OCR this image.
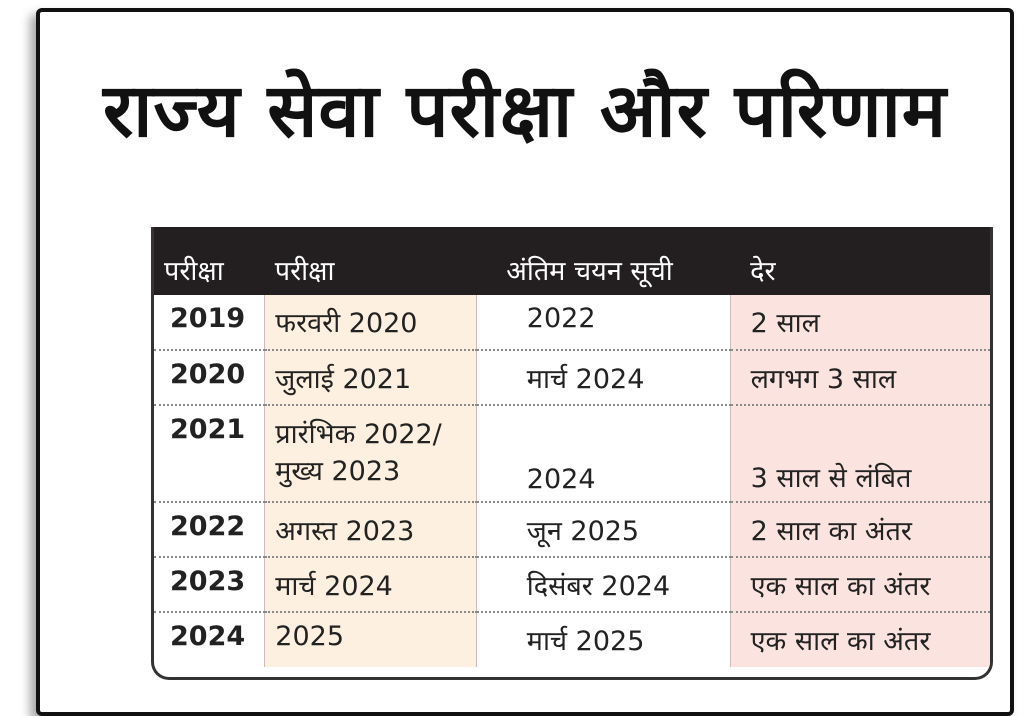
राज्य सेवा परीक्षा और परिणाम
परीक्षा	परीक्षा	अंतिम चयन सूची	देर
2019	फरवरी 2020	2022	2 साल
2020	जुलाई 2021	मार्च 2024	लगभग 3 साल
2021	प्रारंभिक 2022/
मुख्य 2023	2024	3 साल से लंबित
2022	अगस्त 2023	जून 2025	2 साल का अंतर
2023	मार्च 2024	दिसंबर 2024	एक साल का अंतर
2024	2025	मार्च 2025	एक साल का अंतर
